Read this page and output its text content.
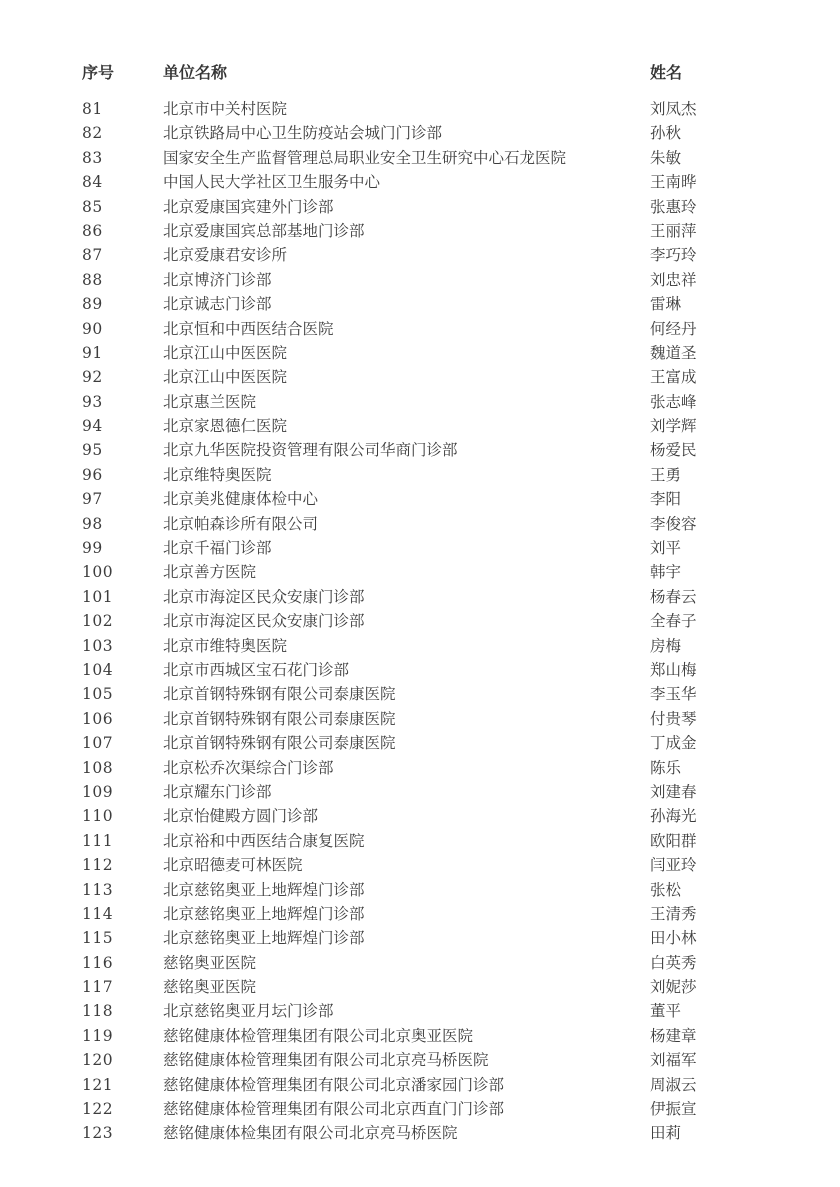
序号	单位名称	姓名
81	北京市中关村医院	刘凤杰
82	北京铁路局中心卫生防疫站会城门门诊部	孙秋
83	国家安全生产监督管理总局职业安全卫生研究中心石龙医院	朱敏
84	中国人民大学社区卫生服务中心	王南晔
85	北京爱康国宾建外门诊部	张惠玲
86	北京爱康国宾总部基地门诊部	王丽萍
87	北京爱康君安诊所	李巧玲
88	北京博济门诊部	刘忠祥
89	北京诚志门诊部	雷琳
90	北京恒和中西医结合医院	何经丹
91	北京江山中医医院	魏道圣
92	北京江山中医医院	王富成
93	北京惠兰医院	张志峰
94	北京家恩德仁医院	刘学辉
95	北京九华医院投资管理有限公司华商门诊部	杨爱民
96	北京维特奥医院	王勇
97	北京美兆健康体检中心	李阳
98	北京帕森诊所有限公司	李俊容
99	北京千福门诊部	刘平
100	北京善方医院	韩宇
101	北京市海淀区民众安康门诊部	杨春云
102	北京市海淀区民众安康门诊部	全春子
103	北京市维特奥医院	房梅
104	北京市西城区宝石花门诊部	郑山梅
105	北京首钢特殊钢有限公司泰康医院	李玉华
106	北京首钢特殊钢有限公司泰康医院	付贵琴
107	北京首钢特殊钢有限公司泰康医院	丁成金
108	北京松乔次渠综合门诊部	陈乐
109	北京耀东门诊部	刘建春
110	北京怡健殿方圆门诊部	孙海光
111	北京裕和中西医结合康复医院	欧阳群
112	北京昭德麦可林医院	闫亚玲
113	北京慈铭奥亚上地辉煌门诊部	张松
114	北京慈铭奥亚上地辉煌门诊部	王清秀
115	北京慈铭奥亚上地辉煌门诊部	田小林
116	慈铭奥亚医院	白英秀
117	慈铭奥亚医院	刘妮莎
118	北京慈铭奥亚月坛门诊部	董平
119	慈铭健康体检管理集团有限公司北京奥亚医院	杨建章
120	慈铭健康体检管理集团有限公司北京亮马桥医院	刘福军
121	慈铭健康体检管理集团有限公司北京潘家园门诊部	周淑云
122	慈铭健康体检管理集团有限公司北京西直门门诊部	伊振宣
123	慈铭健康体检集团有限公司北京亮马桥医院	田莉
